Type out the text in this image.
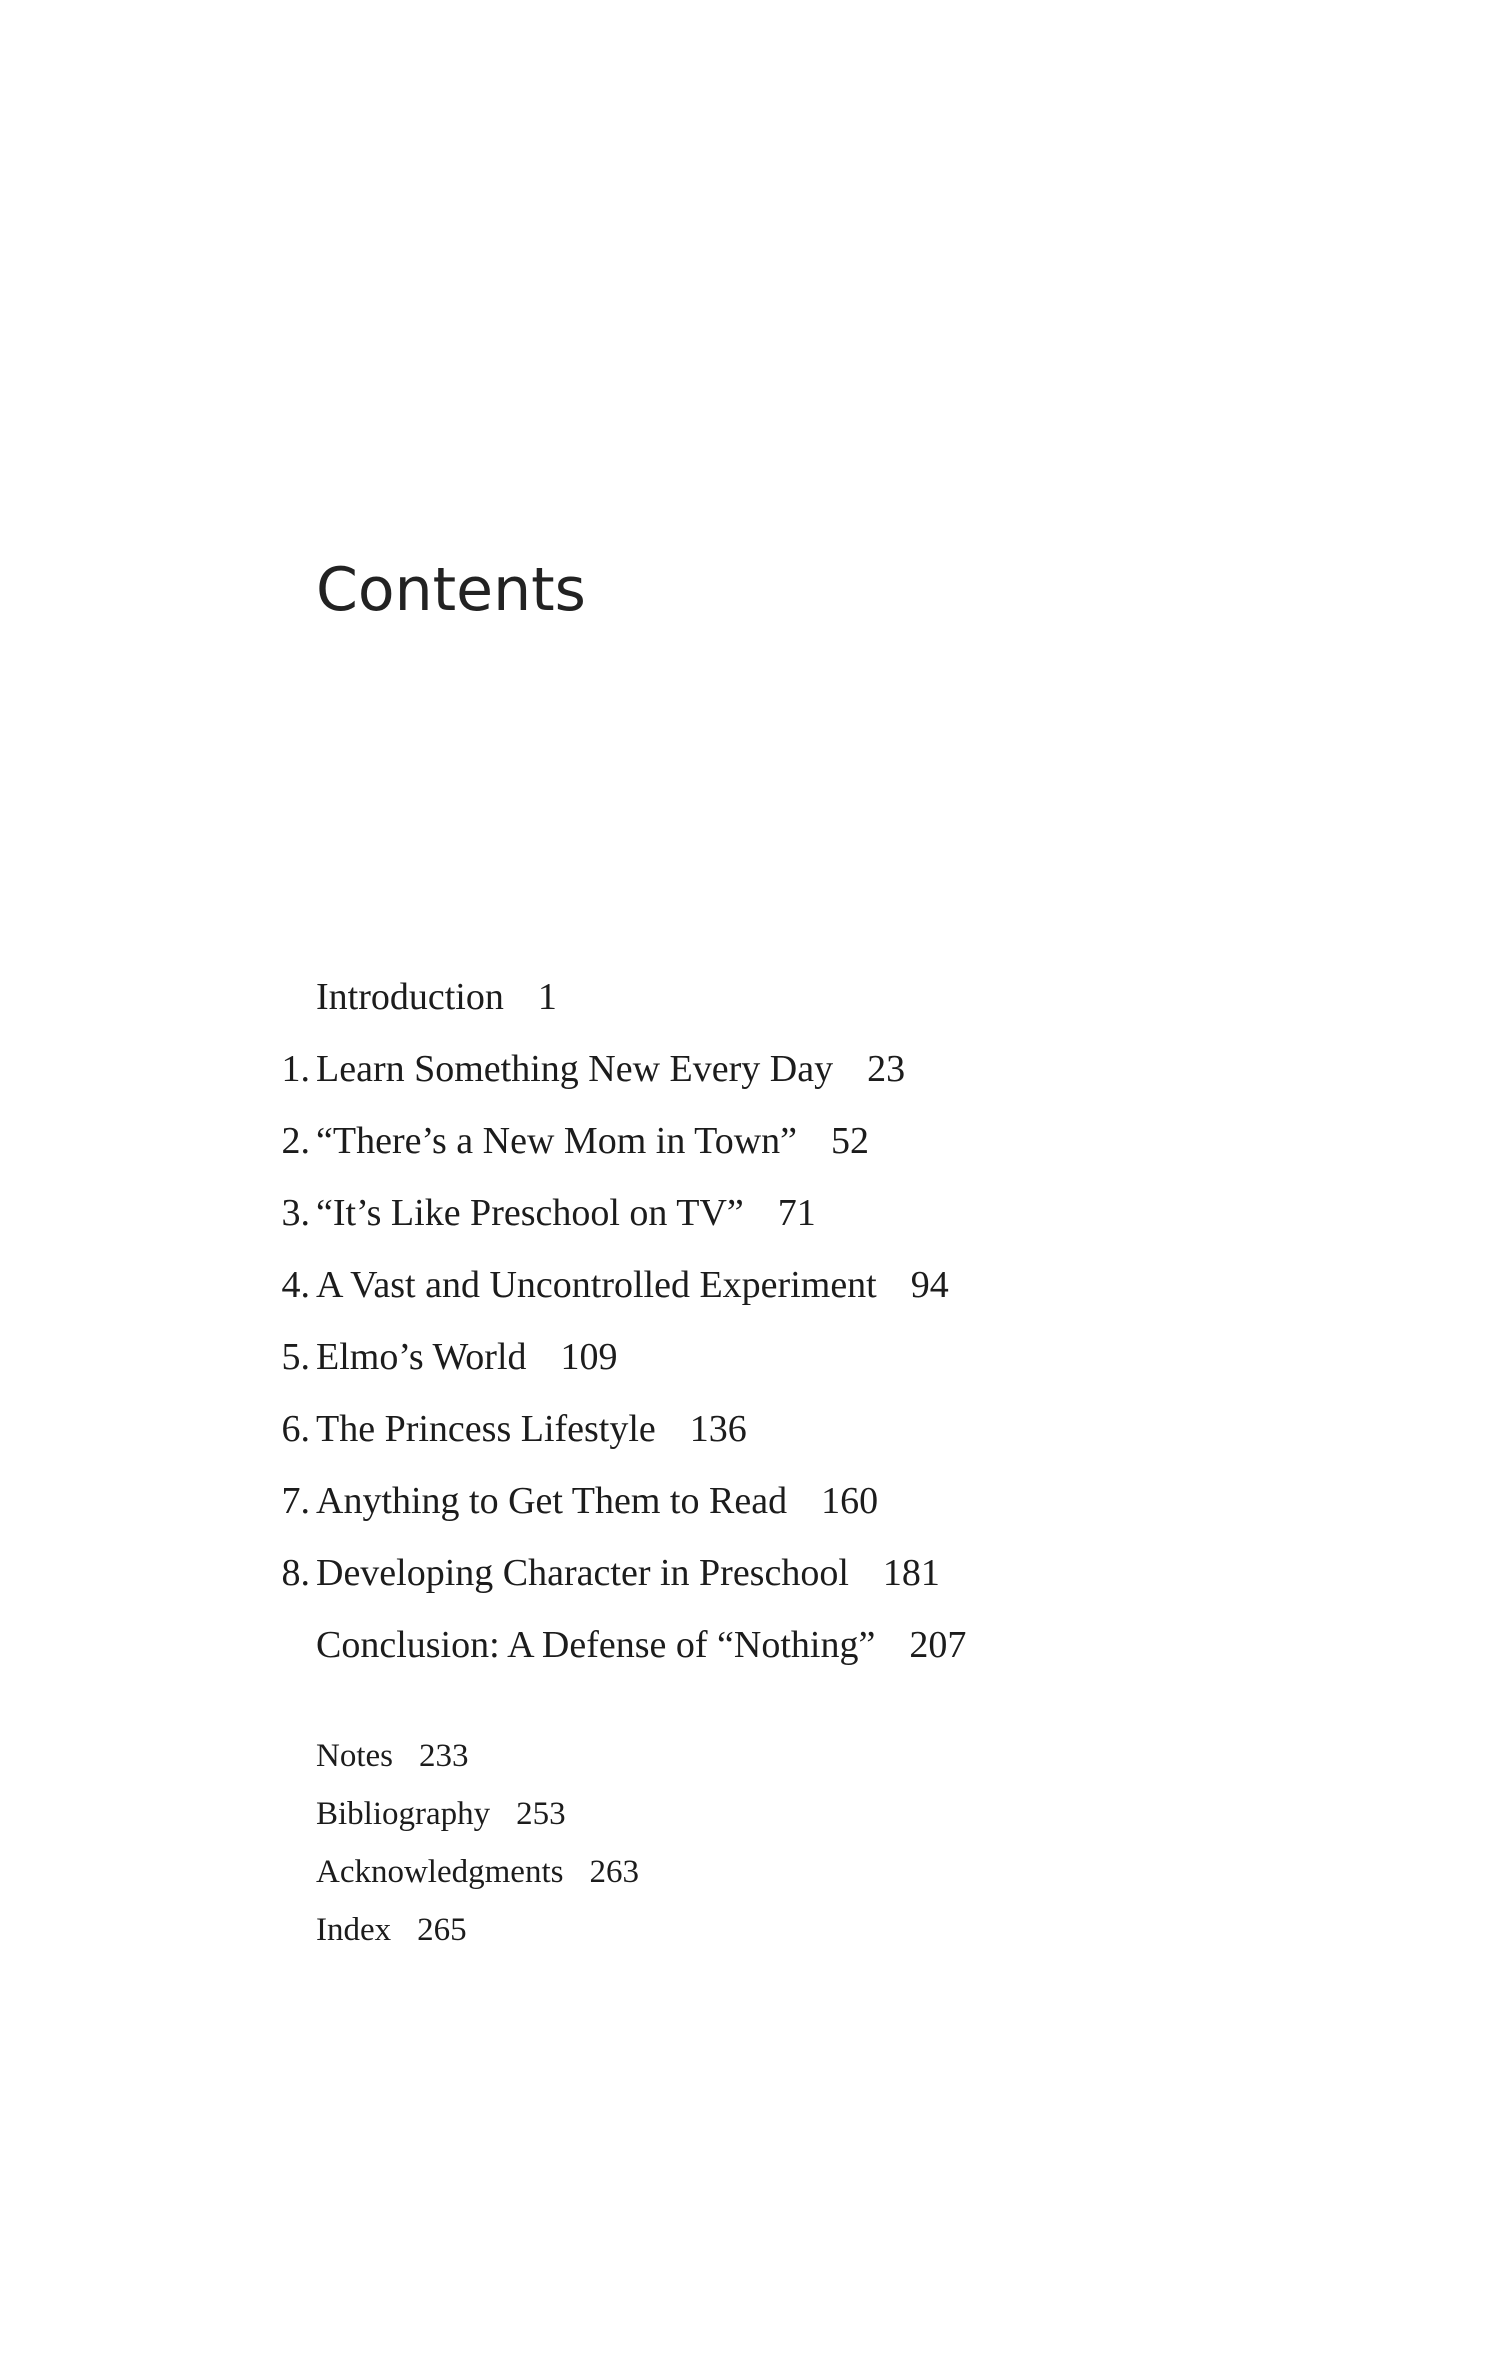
Contents
Introduction 1
1. Learn Something New Every Day 23
2. “There’s a New Mom in Town” 52
3. “It’s Like Preschool on TV” 71
4. A Vast and Uncontrolled Experiment 94
5. Elmo’s World 109
6. The Princess Lifestyle 136
7. Anything to Get Them to Read 160
8. Developing Character in Preschool 181
Conclusion: A Defense of “Nothing” 207
Notes 233
Bibliography 253
Acknowledgments 263
Index 265
